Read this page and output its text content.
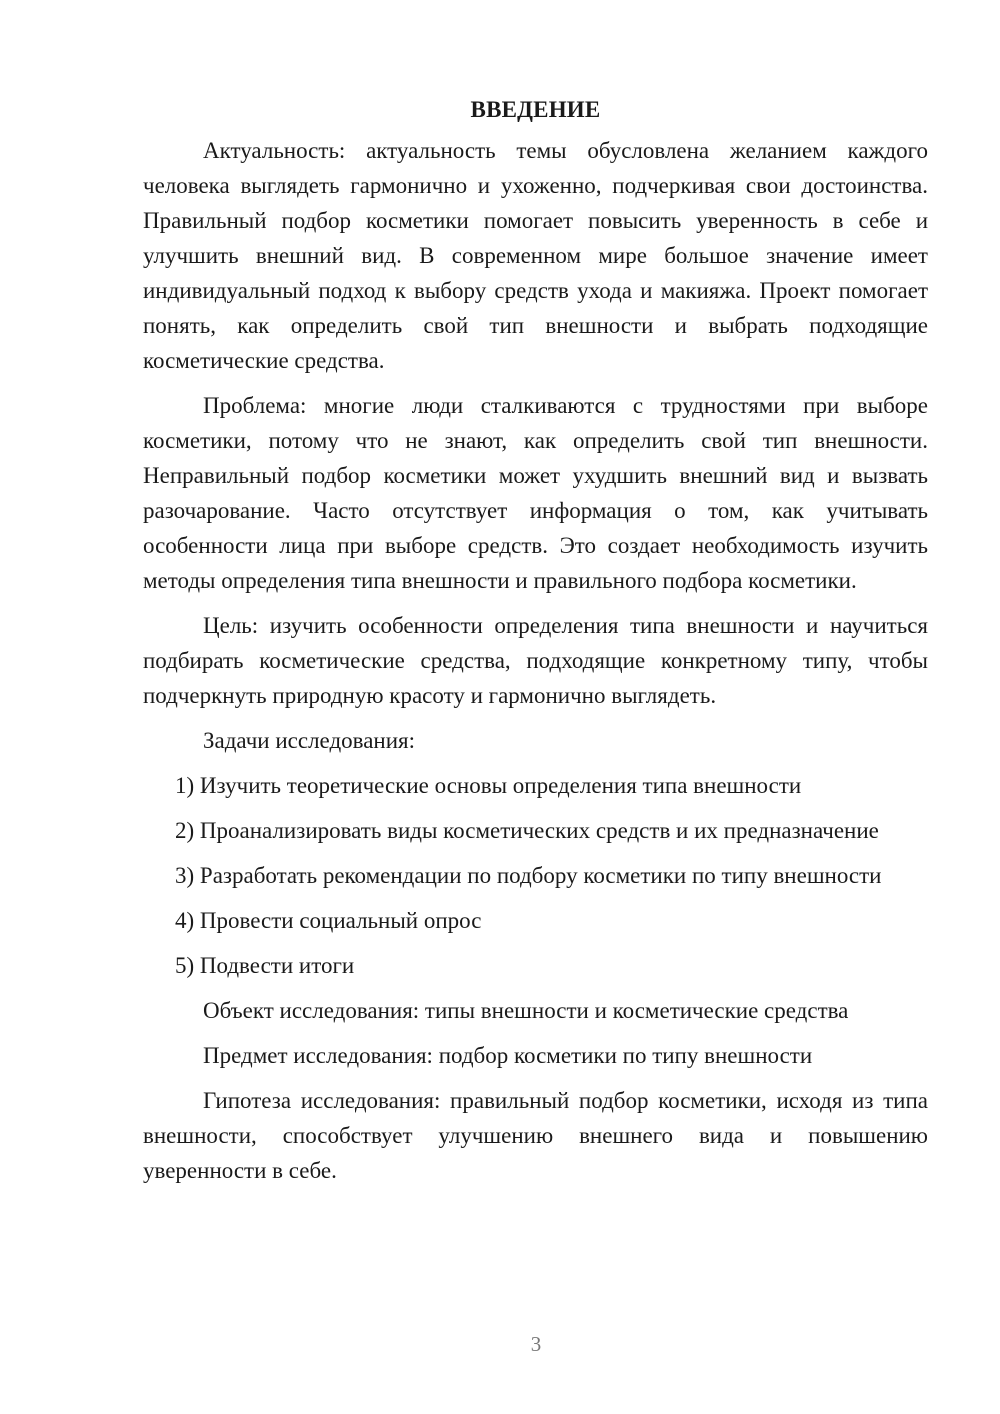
ВВЕДЕНИЕ

Актуальность: актуальность темы обусловлена желанием каждого человека выглядеть гармонично и ухоженно, подчеркивая свои достоинства. Правильный подбор косметики помогает повысить уверенность в себе и улучшить внешний вид. В современном мире большое значение имеет индивидуальный подход к выбору средств ухода и макияжа. Проект помогает понять, как определить свой тип внешности и выбрать подходящие косметические средства.

Проблема: многие люди сталкиваются с трудностями при выборе косметики, потому что не знают, как определить свой тип внешности. Неправильный подбор косметики может ухудшить внешний вид и вызвать разочарование. Часто отсутствует информация о том, как учитывать особенности лица при выборе средств. Это создает необходимость изучить методы определения типа внешности и правильного подбора косметики.

Цель: изучить особенности определения типа внешности и научиться подбирать косметические средства, подходящие конкретному типу, чтобы подчеркнуть природную красоту и гармонично выглядеть.

Задачи исследования:

1) Изучить теоретические основы определения типа внешности

2) Проанализировать виды косметических средств и их предназначение

3) Разработать рекомендации по подбору косметики по типу внешности

4) Провести социальный опрос

5) Подвести итоги

Объект исследования: типы внешности и косметические средства

Предмет исследования: подбор косметики по типу внешности

Гипотеза исследования: правильный подбор косметики, исходя из типа внешности, способствует улучшению внешнего вида и повышению уверенности в себе.

3
